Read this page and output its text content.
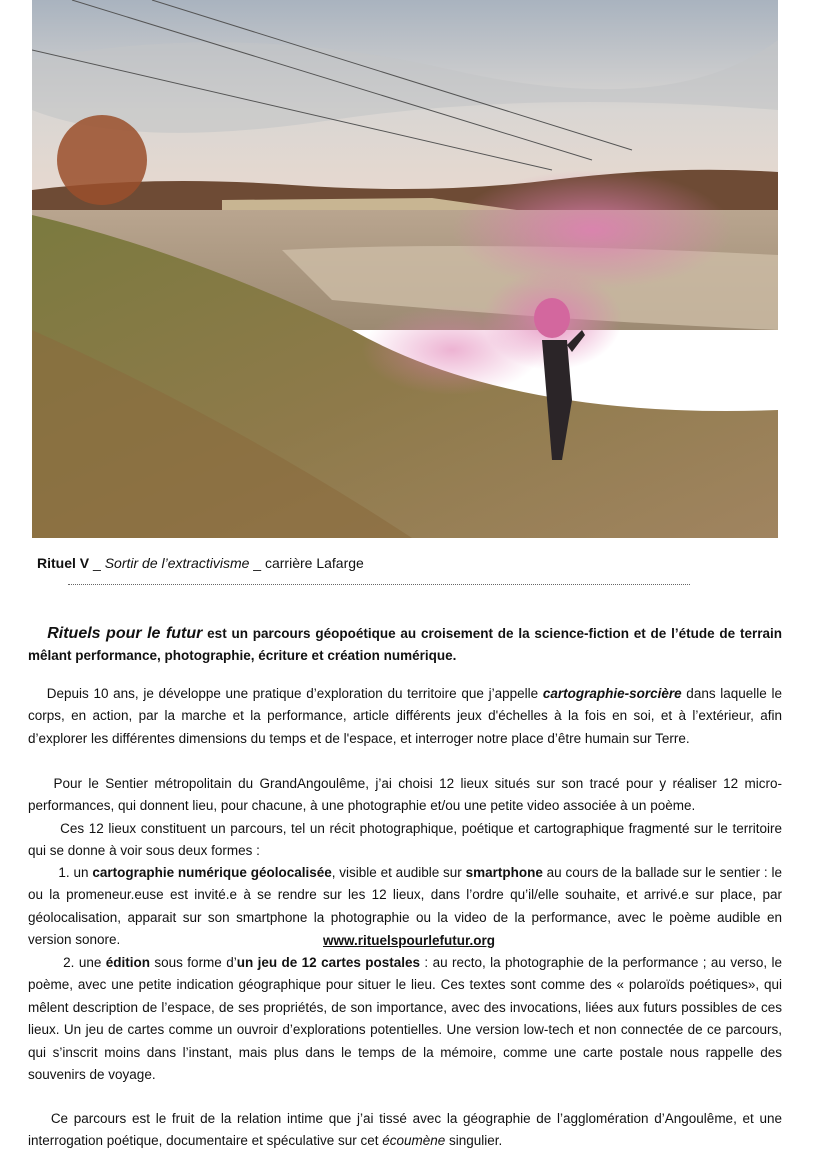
Rituel V _ Sortir de l’extractivisme _ carrière Lafarge

Rituels pour le futur est un parcours géopoétique au croisement de la science-fiction et de l’étude de terrain mêlant performance, photographie, écriture et création numérique.

Depuis 10 ans, je développe une pratique d’exploration du territoire que j’appelle cartographie-sorcière dans laquelle le corps, en action, par la marche et la performance, article différents jeux d'échelles à la fois en soi, et à l’extérieur, afin d’explorer les différentes dimensions du temps et de l'espace, et interroger notre place d’être humain sur Terre.

Pour le Sentier métropolitain du GrandAngoulême, j’ai choisi 12 lieux situés sur son tracé pour y réaliser 12 micro-performances, qui donnent lieu, pour chacune, à une photographie et/ou une petite video associée à un poème.

Ces 12 lieux constituent un parcours, tel un récit photographique, poétique et cartographique fragmenté sur le territoire qui se donne à voir sous deux formes :

1. un cartographie numérique géolocalisée, visible et audible sur smartphone au cours de la ballade sur le sentier : le ou la promeneur.euse est invité.e à se rendre sur les 12 lieux, dans l’ordre qu’il/elle souhaite, et arrivé.e sur place, par géolocalisation, apparait sur son smartphone la photographie ou la video de la performance, avec le poème audible en version sonore.	www.rituelspourlefutur.org

2. une édition sous forme d’un jeu de 12 cartes postales : au recto, la photographie de la performance ; au verso, le poème, avec une petite indication géographique pour situer le lieu. Ces textes sont comme des « polaroïds poétiques», qui mêlent description de l’espace, de ses propriétés, de son importance, avec des invocations, liées aux futurs possibles de ces lieux. Un jeu de cartes comme un ouvroir d’explorations potentielles. Une version low-tech et non connectée de ce parcours, qui s’inscrit moins dans l’instant, mais plus dans le temps de la mémoire, comme une carte postale nous rappelle des souvenirs de voyage.

Ce parcours est le fruit de la relation intime que j’ai tissé avec la géographie de l’agglomération d’Angoulême, et une interrogation poétique, documentaire et spéculative sur cet écoumène singulier.
